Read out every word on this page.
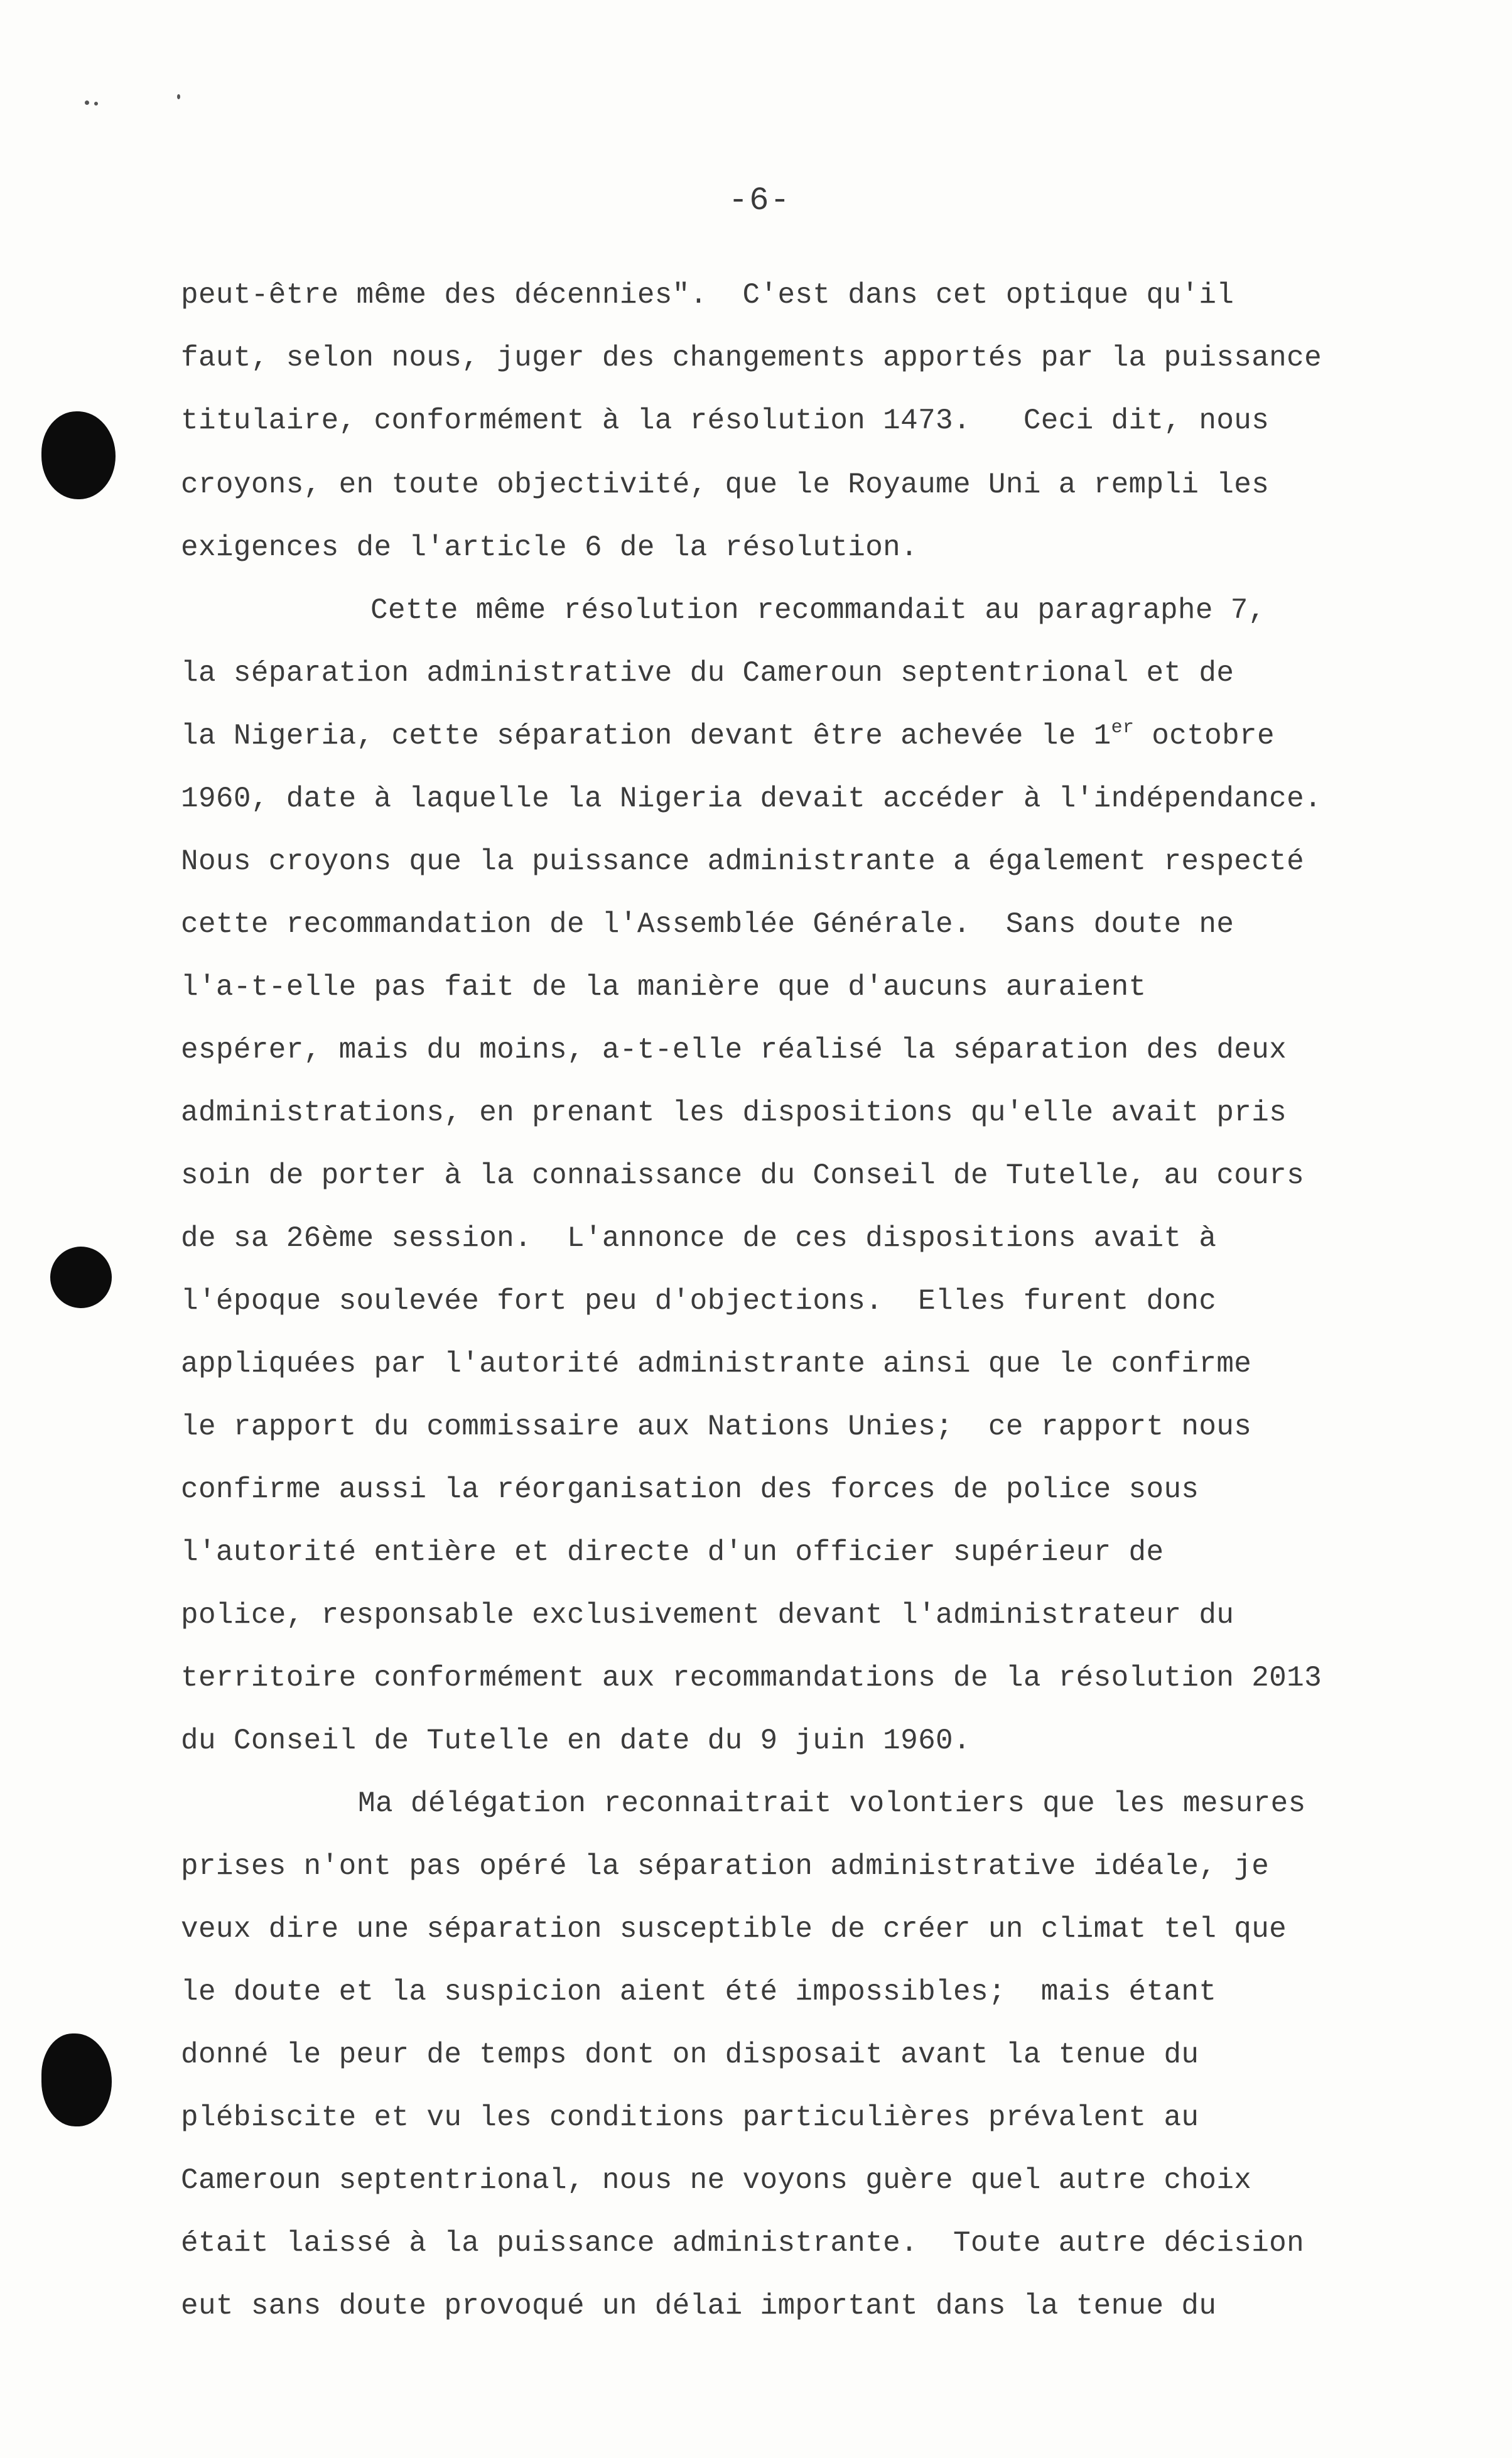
-6-
peut-être même des décennies".  C'est dans cet optique qu'il
faut, selon nous, juger des changements apportés par la puissance
titulaire, conformément à la résolution 1473.   Ceci dit, nous
croyons, en toute objectivité, que le Royaume Uni a rempli les
exigences de l'article 6 de la résolution.
Cette même résolution recommandait au paragraphe 7,
la séparation administrative du Cameroun septentrional et de
la Nigeria, cette séparation devant être achevée le 1er octobre
1960, date à laquelle la Nigeria devait accéder à l'indépendance.
Nous croyons que la puissance administrante a également respecté
cette recommandation de l'Assemblée Générale.  Sans doute ne
l'a-t-elle pas fait de la manière que d'aucuns auraient
espérer, mais du moins, a-t-elle réalisé la séparation des deux
administrations, en prenant les dispositions qu'elle avait pris
soin de porter à la connaissance du Conseil de Tutelle, au cours
de sa 26ème session.  L'annonce de ces dispositions avait à
l'époque soulevée fort peu d'objections.  Elles furent donc
appliquées par l'autorité administrante ainsi que le confirme
le rapport du commissaire aux Nations Unies;  ce rapport nous
confirme aussi la réorganisation des forces de police sous
l'autorité entière et directe d'un officier supérieur de
police, responsable exclusivement devant l'administrateur du
territoire conformément aux recommandations de la résolution 2013
du Conseil de Tutelle en date du 9 juin 1960.
Ma délégation reconnaitrait volontiers que les mesures
prises n'ont pas opéré la séparation administrative idéale, je
veux dire une séparation susceptible de créer un climat tel que
le doute et la suspicion aient été impossibles;  mais étant
donné le peur de temps dont on disposait avant la tenue du
plébiscite et vu les conditions particulières prévalent au
Cameroun septentrional, nous ne voyons guère quel autre choix
était laissé à la puissance administrante.  Toute autre décision
eut sans doute provoqué un délai important dans la tenue du
